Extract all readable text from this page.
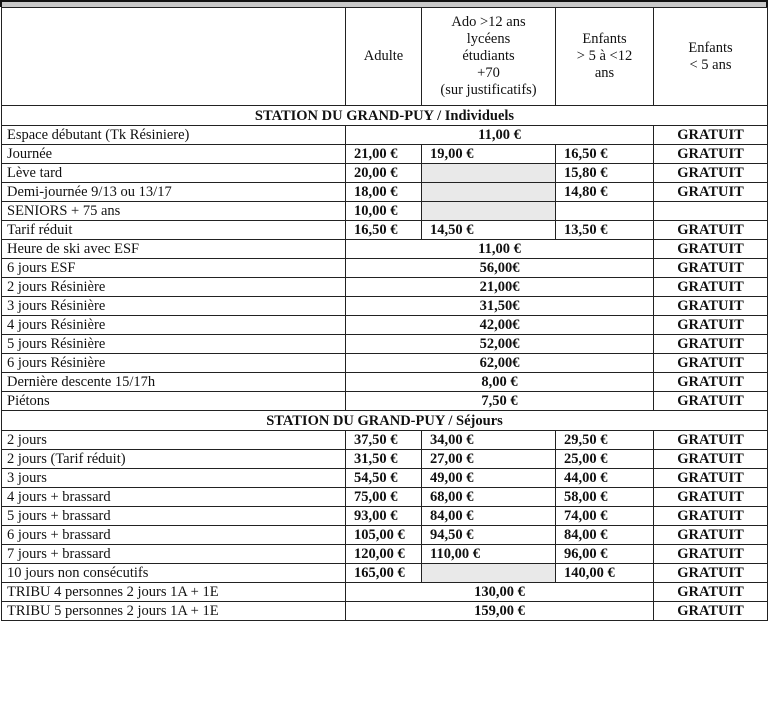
	Adulte	Ado >12 ans
lycéens
étudiants
+70
(sur justificatifs)	Enfants
> 5 à <12
ans	Enfants
< 5 ans
STATION DU GRAND-PUY / Individuels				
Espace débutant (Tk Résiniere)	11,00 €			GRATUIT
Journée	21,00 €	19,00 €	16,50 €	GRATUIT
Lève tard	20,00 €		15,80 €	GRATUIT
Demi-journée 9/13 ou 13/17	18,00 €		14,80 €	GRATUIT
SENIORS + 75 ans	10,00 €			
Tarif réduit	16,50 €	14,50 €	13,50 €	GRATUIT
Heure de ski avec ESF	11,00 €			GRATUIT
6 jours ESF	56,00€			GRATUIT
2 jours Résinière	21,00€			GRATUIT
3 jours Résinière	31,50€			GRATUIT
4 jours Résinière	42,00€			GRATUIT
5 jours Résinière	52,00€			GRATUIT
6 jours Résinière	62,00€			GRATUIT
Dernière descente 15/17h	8,00 €			GRATUIT
Piétons	7,50 €			GRATUIT
STATION DU GRAND-PUY / Séjours				
2 jours	37,50 €	34,00 €	29,50 €	GRATUIT
2 jours (Tarif réduit)	31,50 €	27,00 €	25,00 €	GRATUIT
3 jours	54,50 €	49,00 €	44,00 €	GRATUIT
4 jours + brassard	75,00 €	68,00 €	58,00 €	GRATUIT
5 jours + brassard	93,00 €	84,00 €	74,00 €	GRATUIT
6 jours + brassard	105,00 €	94,50 €	84,00 €	GRATUIT
7 jours + brassard	120,00 €	110,00 €	96,00 €	GRATUIT
10 jours non consécutifs	165,00 €		140,00 €	GRATUIT
TRIBU 4 personnes 2 jours 1A + 1E	130,00 €			GRATUIT
TRIBU 5 personnes 2 jours 1A + 1E	159,00 €			GRATUIT
